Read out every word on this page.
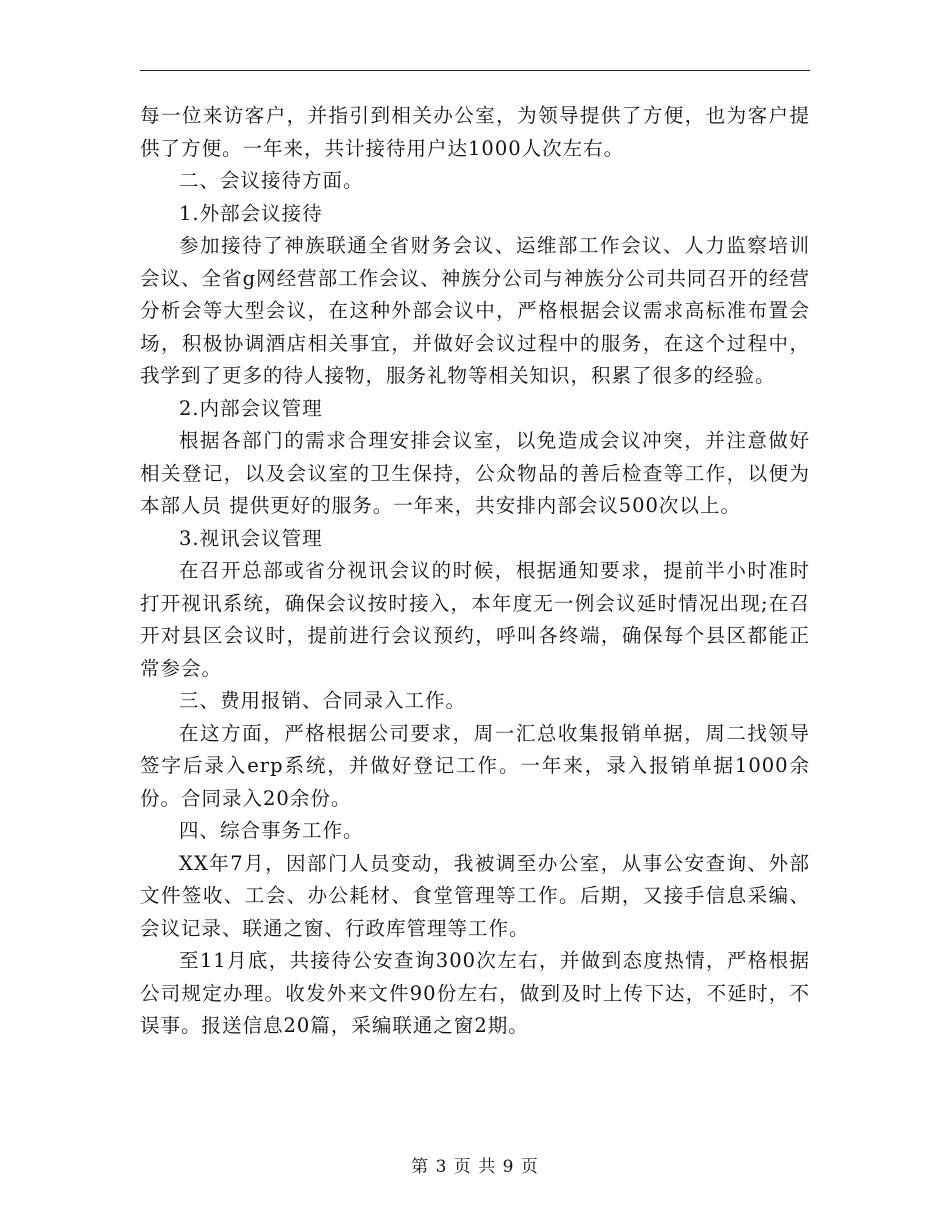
每一位来访客户，并指引到相关办公室，为领导提供了方便，也为客户提供了方便。一年来，共计接待用户达1000人次左右。

二、会议接待方面。

1.外部会议接待

参加接待了神族联通全省财务会议、运维部工作会议、人力监察培训会议、全省g网经营部工作会议、神族分公司与神族分公司共同召开的经营分析会等大型会议，在这种外部会议中，严格根据会议需求高标准布置会场，积极协调酒店相关事宜，并做好会议过程中的服务，在这个过程中，我学到了更多的待人接物，服务礼物等相关知识，积累了很多的经验。

2.内部会议管理

根据各部门的需求合理安排会议室，以免造成会议冲突，并注意做好相关登记，以及会议室的卫生保持，公众物品的善后检查等工作，以便为本部人员 提供更好的服务。一年来，共安排内部会议500次以上。

3.视讯会议管理

在召开总部或省分视讯会议的时候，根据通知要求，提前半小时准时打开视讯系统，确保会议按时接入，本年度无一例会议延时情况出现;在召开对县区会议时，提前进行会议预约，呼叫各终端，确保每个县区都能正常参会。

三、费用报销、合同录入工作。

在这方面，严格根据公司要求，周一汇总收集报销单据，周二找领导签字后录入erp系统，并做好登记工作。一年来，录入报销单据1000余份。合同录入20余份。

四、综合事务工作。

XX年7月，因部门人员变动，我被调至办公室，从事公安查询、外部文件签收、工会、办公耗材、食堂管理等工作。后期，又接手信息采编、会议记录、联通之窗、行政库管理等工作。

至11月底，共接待公安查询300次左右，并做到态度热情，严格根据公司规定办理。收发外来文件90份左右，做到及时上传下达，不延时，不误事。报送信息20篇，采编联通之窗2期。

第 3 页 共 9 页
